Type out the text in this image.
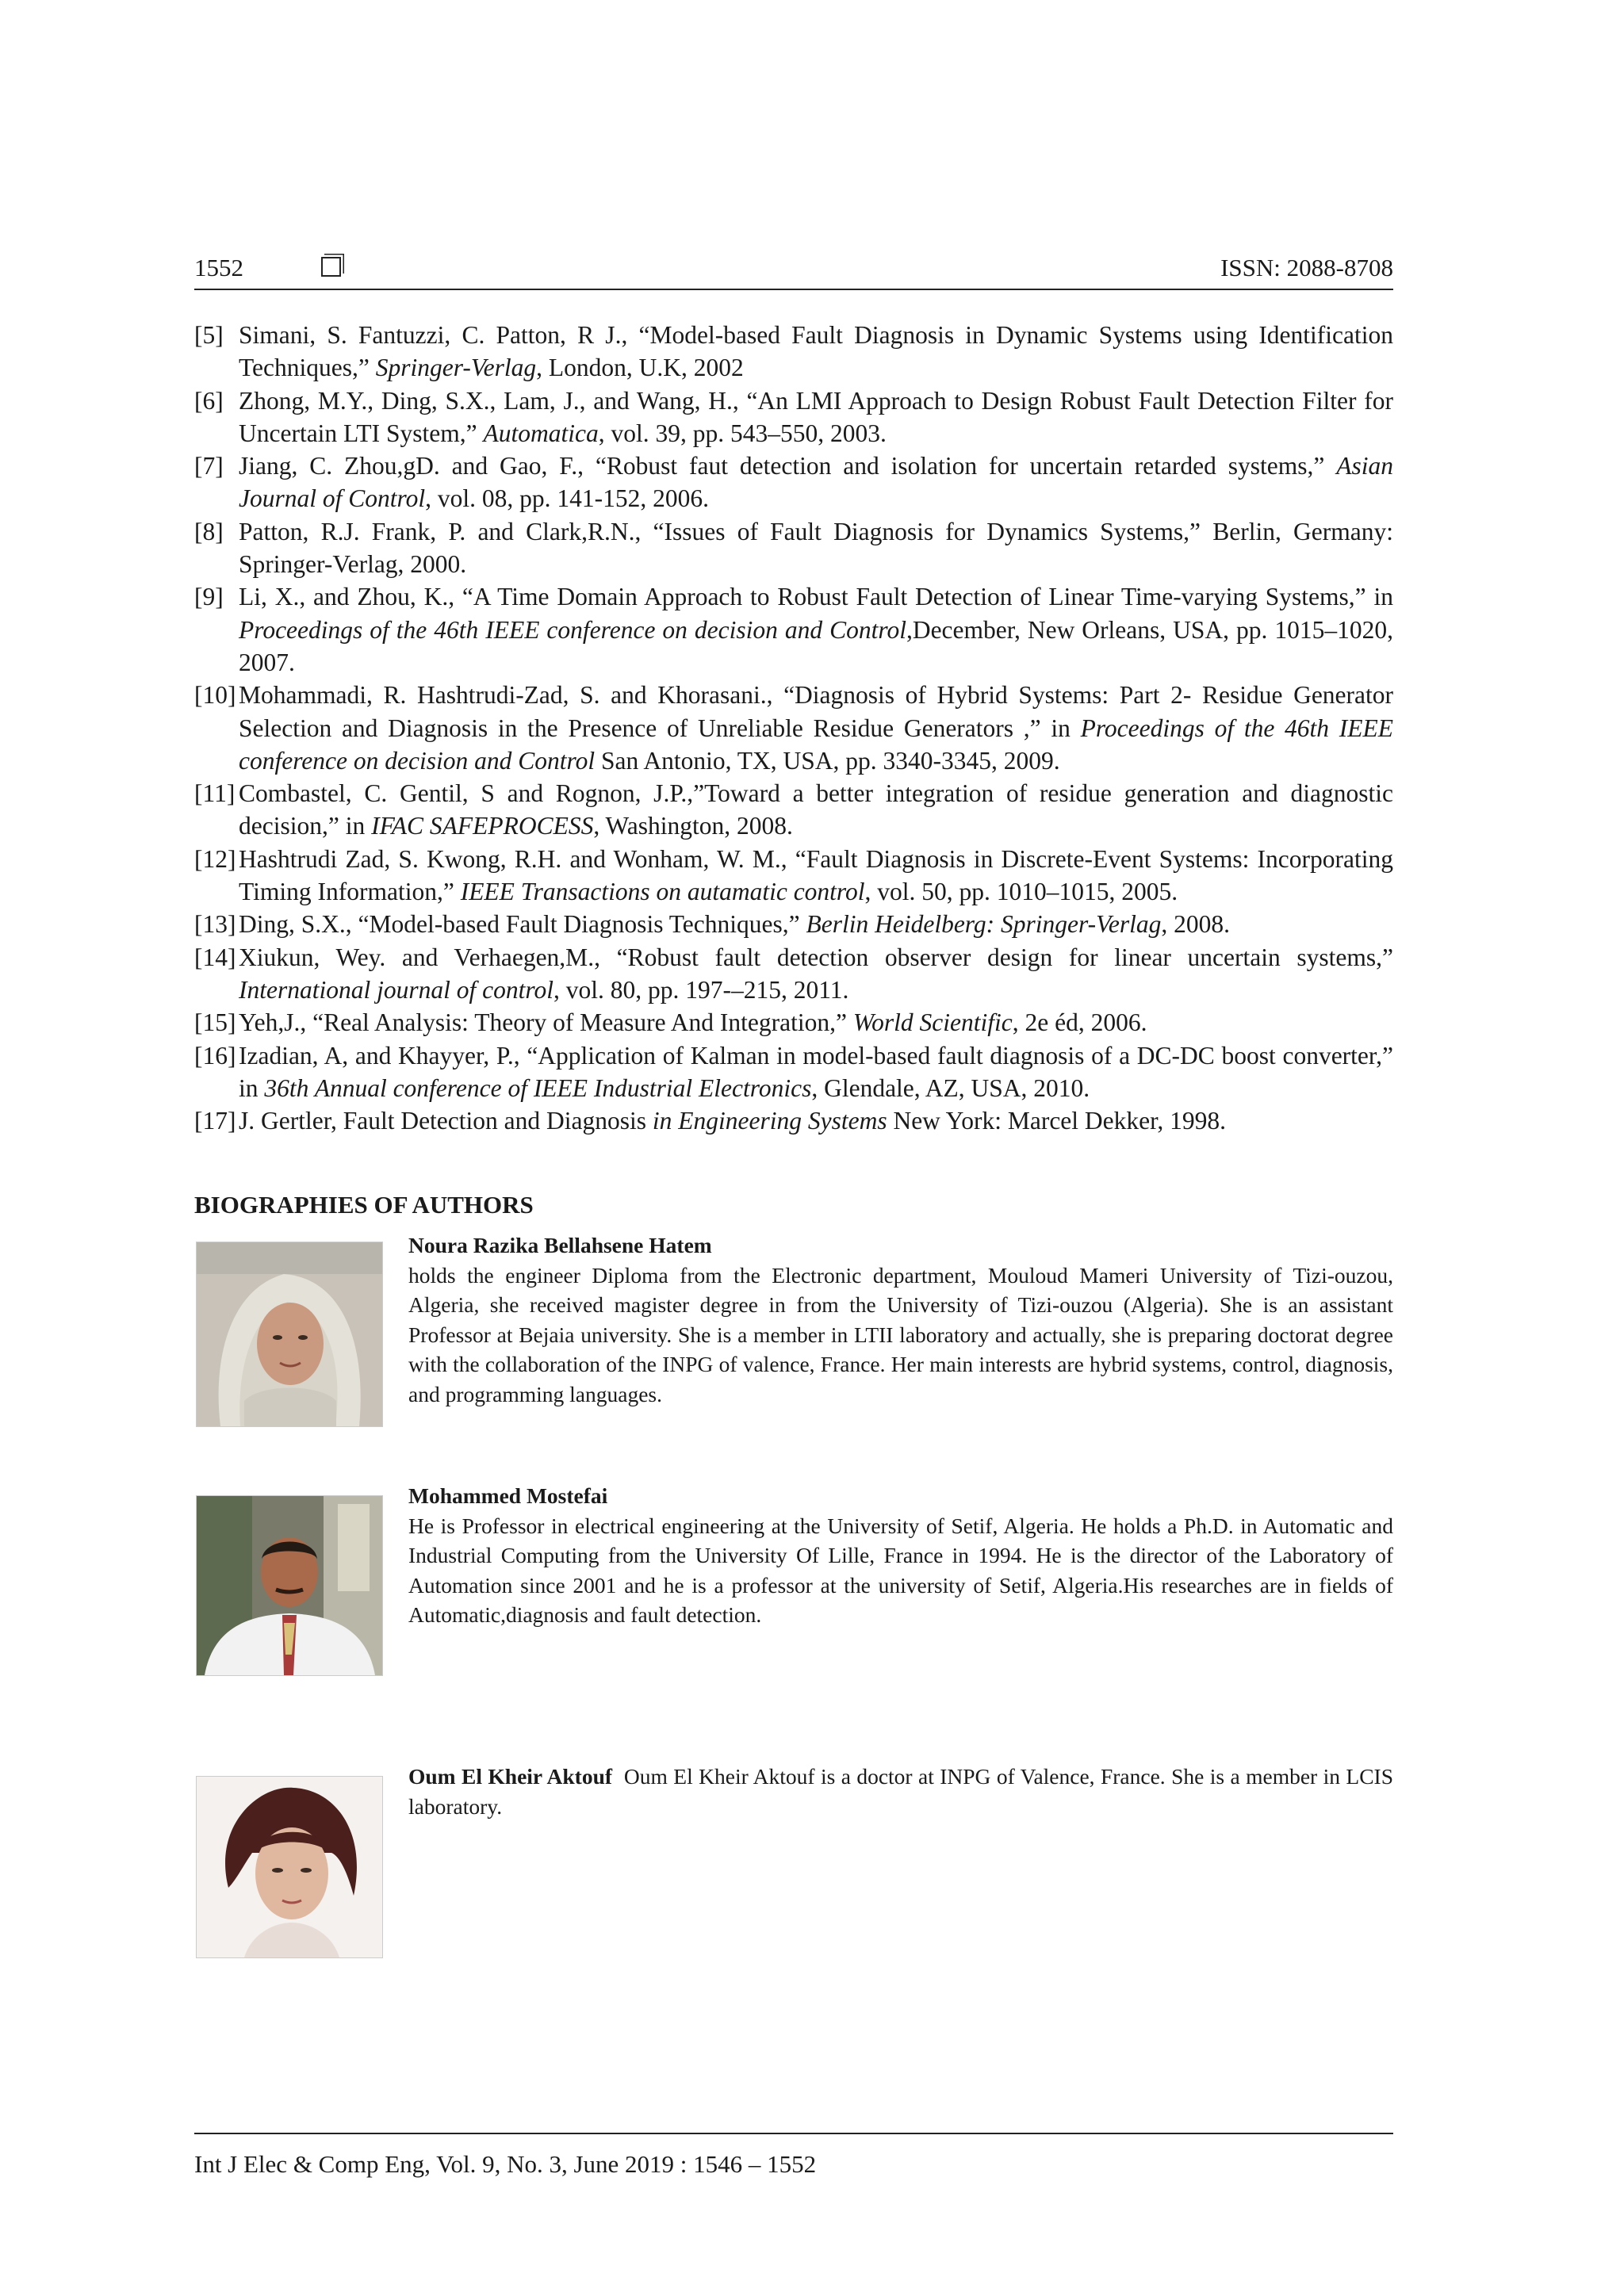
1552	ISSN: 2088-8708
[5] Simani, S. Fantuzzi, C. Patton, R J., “Model-based Fault Diagnosis in Dynamic Systems using Identification Techniques,” Springer-Verlag, London, U.K, 2002
[6] Zhong, M.Y., Ding, S.X., Lam, J., and Wang, H., “An LMI Approach to Design Robust Fault Detection Filter for Uncertain LTI System,” Automatica, vol. 39, pp. 543–550, 2003.
[7] Jiang, C. Zhou,gD. and Gao, F., “Robust faut detection and isolation for uncertain retarded systems,” Asian Journal of Control, vol. 08, pp. 141-152, 2006.
[8] Patton, R.J. Frank, P. and Clark,R.N., “Issues of Fault Diagnosis for Dynamics Systems,” Berlin, Germany: Springer-Verlag, 2000.
[9] Li, X., and Zhou, K., “A Time Domain Approach to Robust Fault Detection of Linear Time-varying Systems,” in Proceedings of the 46th IEEE conference on decision and Control,December, New Orleans, USA, pp. 1015–1020, 2007.
[10] Mohammadi, R. Hashtrudi-Zad, S. and Khorasani., “Diagnosis of Hybrid Systems: Part 2- Residue Generator Selection and Diagnosis in the Presence of Unreliable Residue Generators ,” in Proceedings of the 46th IEEE conference on decision and Control San Antonio, TX, USA, pp. 3340-3345, 2009.
[11] Combastel, C. Gentil, S and Rognon, J.P.,”Toward a better integration of residue generation and diagnostic decision,” in IFAC SAFEPROCESS, Washington, 2008.
[12] Hashtrudi Zad, S. Kwong, R.H. and Wonham, W. M., “Fault Diagnosis in Discrete-Event Systems: Incorporating Timing Information,” IEEE Transactions on autamatic control, vol. 50, pp. 1010–1015, 2005.
[13] Ding, S.X., “Model-based Fault Diagnosis Techniques,” Berlin Heidelberg: Springer-Verlag, 2008.
[14] Xiukun, Wey. and Verhaegen,M., “Robust fault detection observer design for linear uncertain systems,” International journal of control, vol. 80, pp. 197-–215, 2011.
[15] Yeh,J., “Real Analysis: Theory of Measure And Integration,” World Scientific, 2e éd, 2006.
[16] Izadian, A, and Khayyer, P., “Application of Kalman in model-based fault diagnosis of a DC-DC boost converter,” in 36th Annual conference of IEEE Industrial Electronics, Glendale, AZ, USA, 2010.
[17] J. Gertler, Fault Detection and Diagnosis in Engineering Systems New York: Marcel Dekker, 1998.
BIOGRAPHIES OF AUTHORS
Noura Razika Bellahsene Hatem
holds the engineer Diploma from the Electronic department, Mouloud Mameri University of Tizi-ouzou, Algeria, she received magister degree in from the University of Tizi-ouzou (Algeria). She is an assistant Professor at Bejaia university. She is a member in LTII laboratory and actually, she is preparing doctorat degree with the collaboration of the INPG of valence, France. Her main interests are hybrid systems, control, diagnosis, and programming languages.
Mohammed Mostefai
He is Professor in electrical engineering at the University of Setif, Algeria. He holds a Ph.D. in Automatic and Industrial Computing from the University Of Lille, France in 1994. He is the director of the Laboratory of Automation since 2001 and he is a professor at the university of Setif, Algeria.His researches are in fields of Automatic,diagnosis and fault detection.
Oum El Kheir Aktouf Oum El Kheir Aktouf is a doctor at INPG of Valence, France. She is a member in LCIS laboratory.
Int J Elec & Comp Eng, Vol. 9, No. 3, June 2019 : 1546 – 1552
